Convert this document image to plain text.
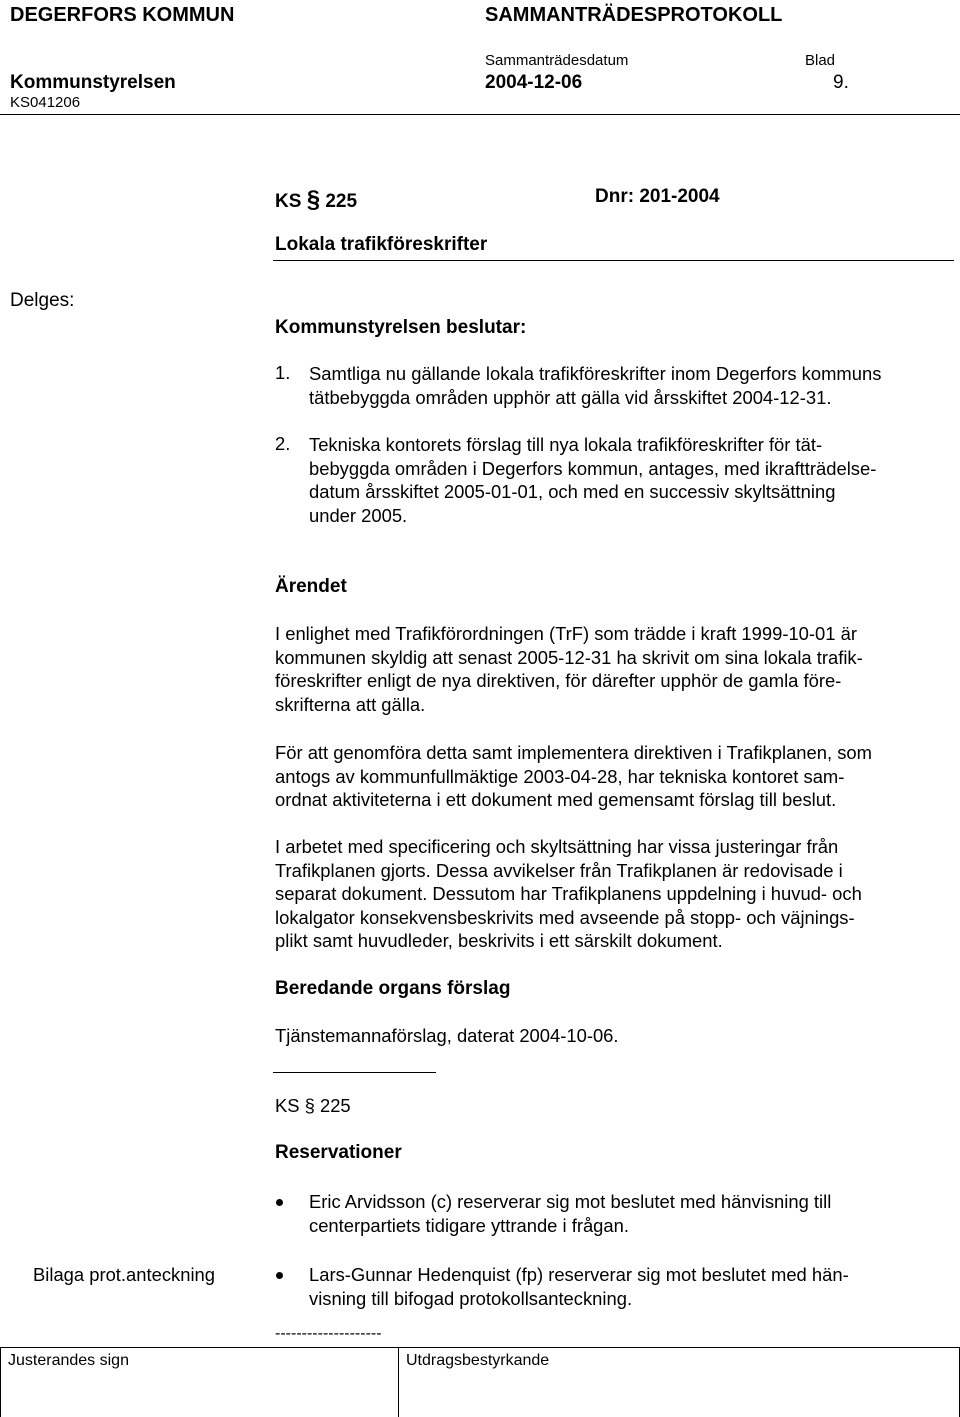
DEGERFORS KOMMUN	SAMMANTRÄDESPROTOKOLL
Sammanträdesdatum	Blad
Kommunstyrelsen	2004-12-06	9.
KS041206
KS § 225	Dnr: 201-2004
Lokala trafikföreskrifter
Delges:
Kommunstyrelsen beslutar:
1. Samtliga nu gällande lokala trafikföreskrifter inom Degerfors kommuns
tätbebyggda områden upphör att gälla vid årsskiftet 2004-12-31.
2. Tekniska kontorets förslag till nya lokala trafikföreskrifter för tät-
bebyggda områden i Degerfors kommun, antages, med ikraftträdelse-
datum årsskiftet 2005-01-01, och med en successiv skyltsättning
under 2005.
Ärendet
I enlighet med Trafikförordningen (TrF) som trädde i kraft 1999-10-01 är
kommunen skyldig att senast 2005-12-31 ha skrivit om sina lokala trafik-
föreskrifter enligt de nya direktiven, för därefter upphör de gamla före-
skrifterna att gälla.
För att genomföra detta samt implementera direktiven i Trafikplanen, som
antogs av kommunfullmäktige 2003-04-28, har tekniska kontoret sam-
ordnat aktiviteterna i ett dokument med gemensamt förslag till beslut.
I arbetet med specificering och skyltsättning har vissa justeringar från
Trafikplanen gjorts. Dessa avvikelser från Trafikplanen är redovisade i
separat dokument. Dessutom har Trafikplanens uppdelning i huvud- och
lokalgator konsekvensbeskrivits med avseende på stopp- och väjnings-
plikt samt huvudleder, beskrivits i ett särskilt dokument.
Beredande organs förslag
Tjänstemannaförslag, daterat 2004-10-06.
KS § 225
Reservationer
Eric Arvidsson (c) reserverar sig mot beslutet med hänvisning till
centerpartiets tidigare yttrande i frågan.
Bilaga prot.anteckning	Lars-Gunnar Hedenquist (fp) reserverar sig mot beslutet med hän-
visning till bifogad protokollsanteckning.
--------------------
Justerandes sign	Utdragsbestyrkande
